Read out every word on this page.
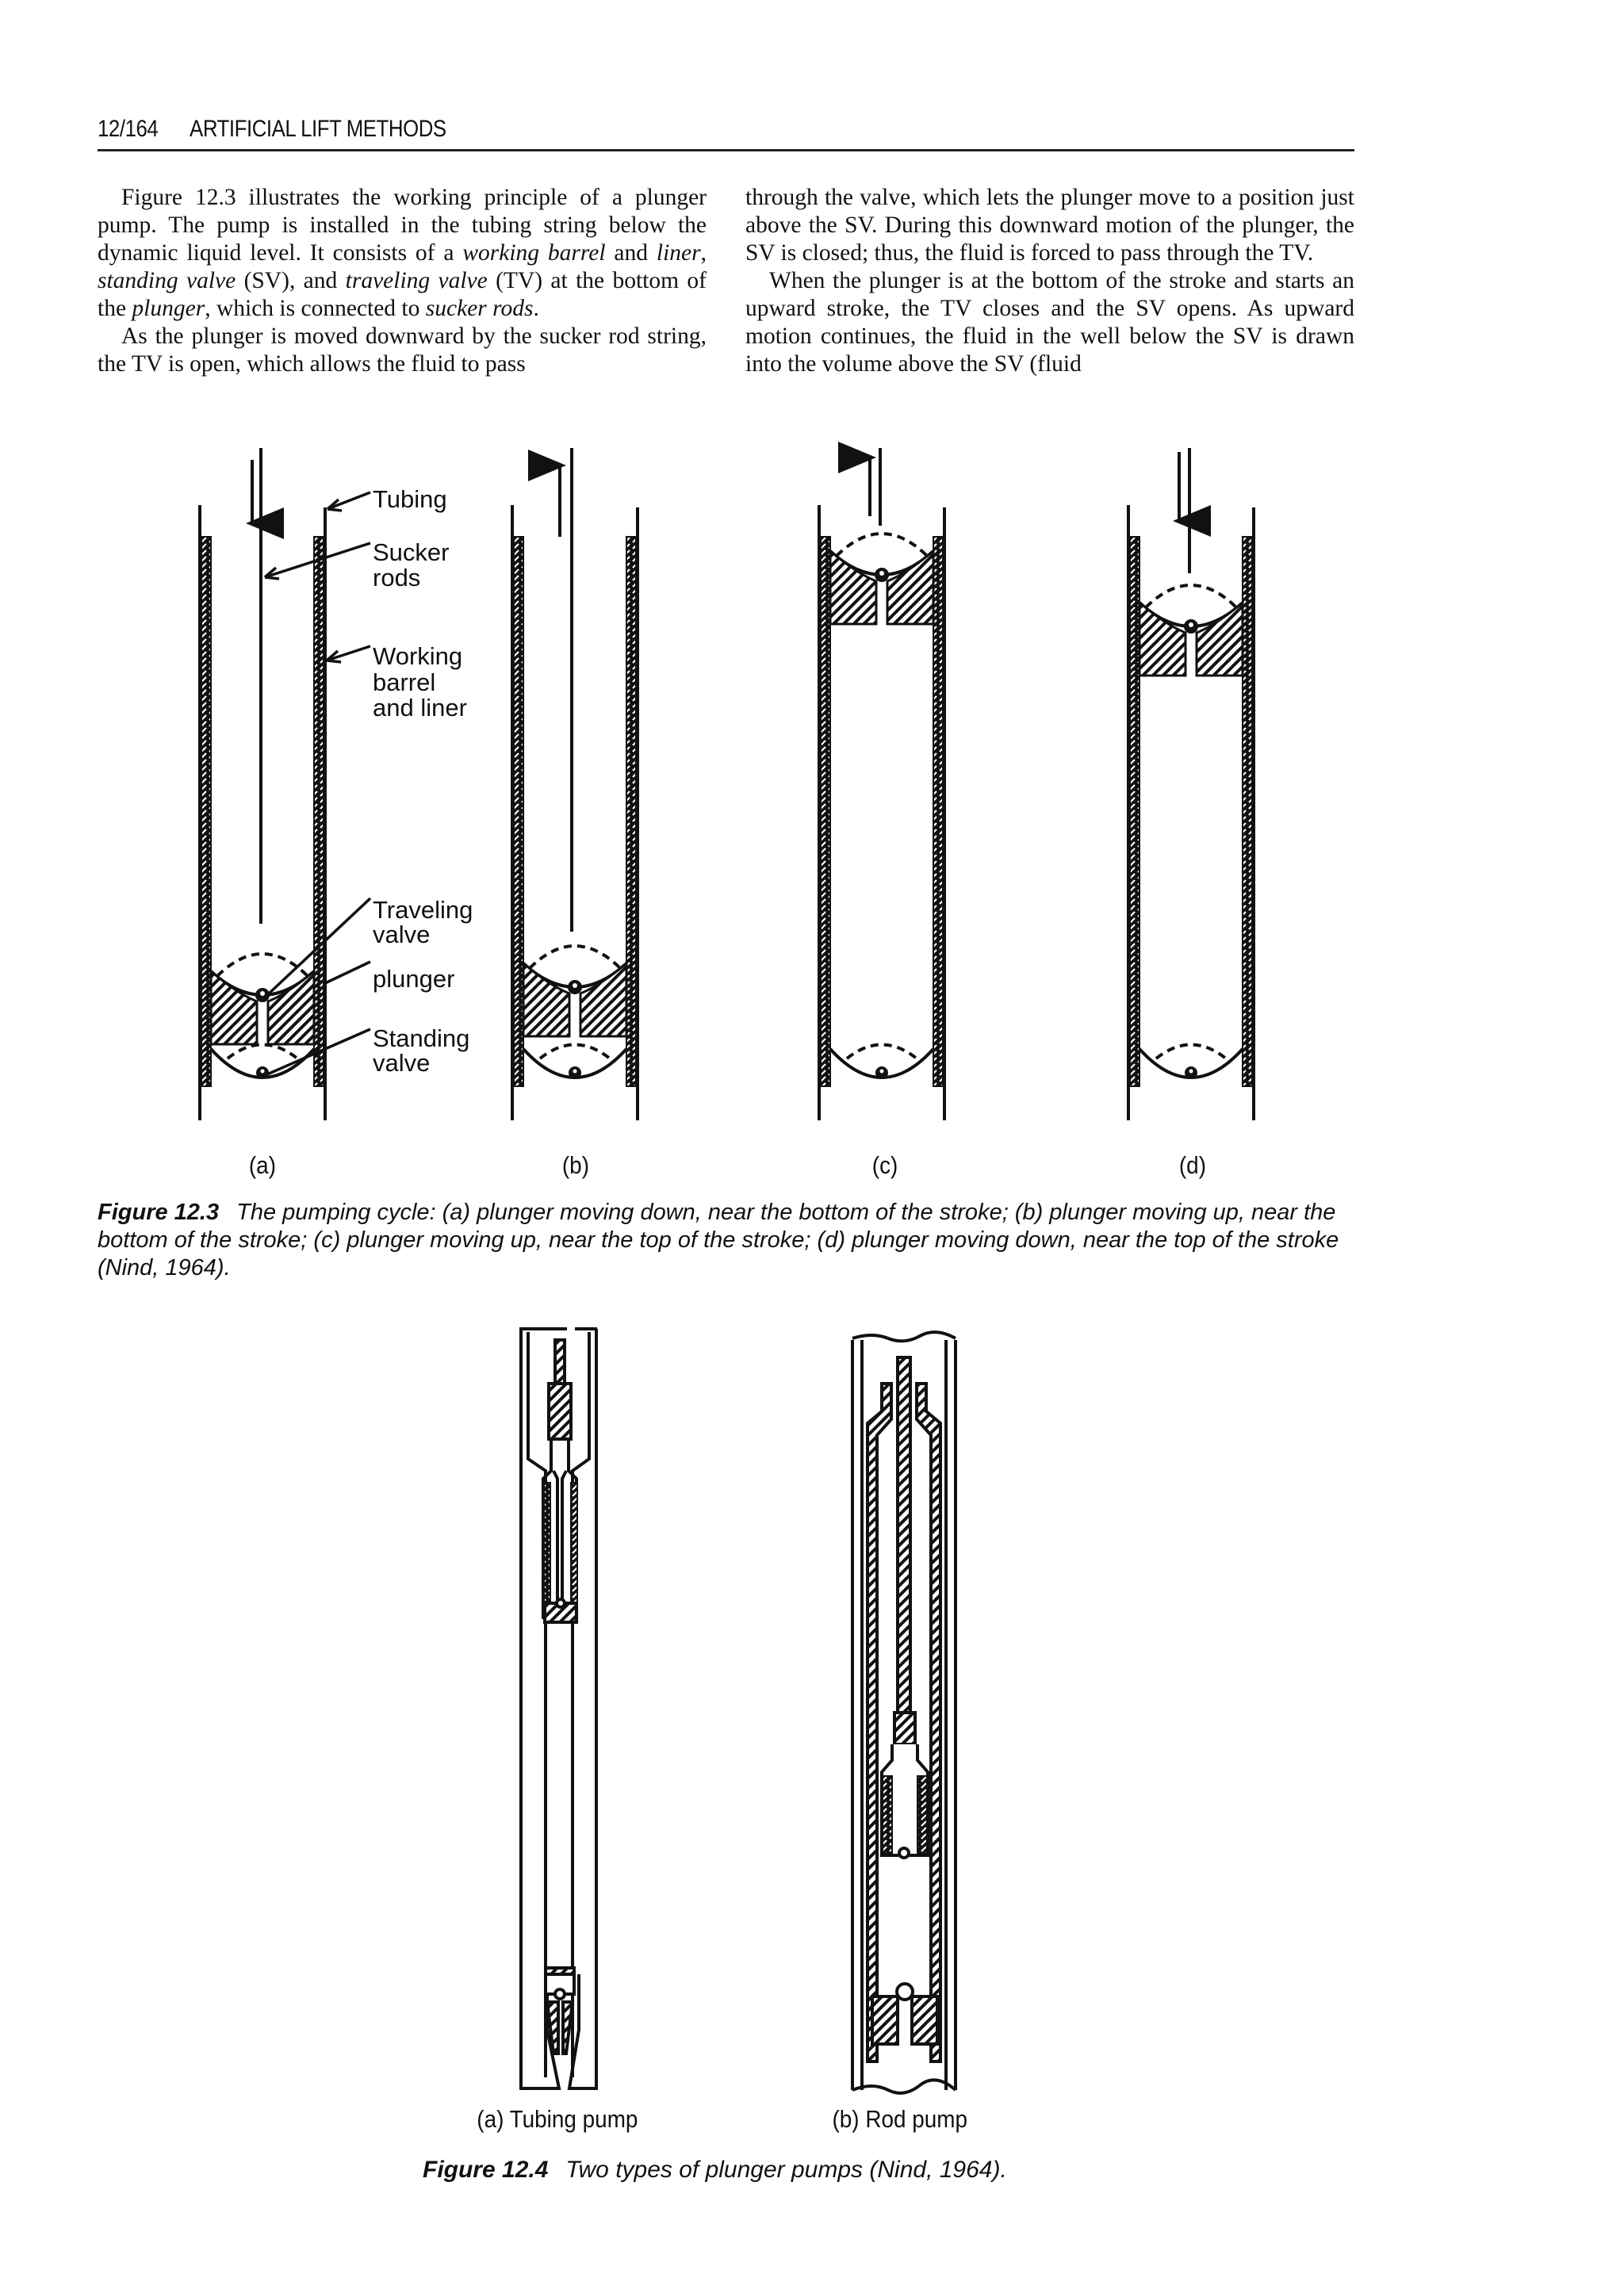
12/164 ARTIFICIAL LIFT METHODS

Figure 12.3 illustrates the working principle of a plunger pump. The pump is installed in the tubing string below the dynamic liquid level. It consists of a working barrel and liner, standing valve (SV), and traveling valve (TV) at the bottom of the plunger, which is connected to sucker rods.

As the plunger is moved downward by the sucker rod string, the TV is open, which allows the fluid to pass

through the valve, which lets the plunger move to a position just above the SV. During this downward motion of the plunger, the SV is closed; thus, the fluid is forced to pass through the TV.

When the plunger is at the bottom of the stroke and starts an upward stroke, the TV closes and the SV opens. As upward motion continues, the fluid in the well below the SV is drawn into the volume above the SV (fluid

Tubing
Sucker
rods
Working
barrel
and liner
Traveling
valve
plunger
Standing
valve
(a)	(b)	(c)	(d)
Figure 12.3 The pumping cycle: (a) plunger moving down, near the bottom of the stroke; (b) plunger moving up, near the bottom of the stroke; (c) plunger moving up, near the top of the stroke; (d) plunger moving down, near the top of the stroke (Nind, 1964).
(a) Tubing pump	(b) Rod pump
Figure 12.4 Two types of plunger pumps (Nind, 1964).
